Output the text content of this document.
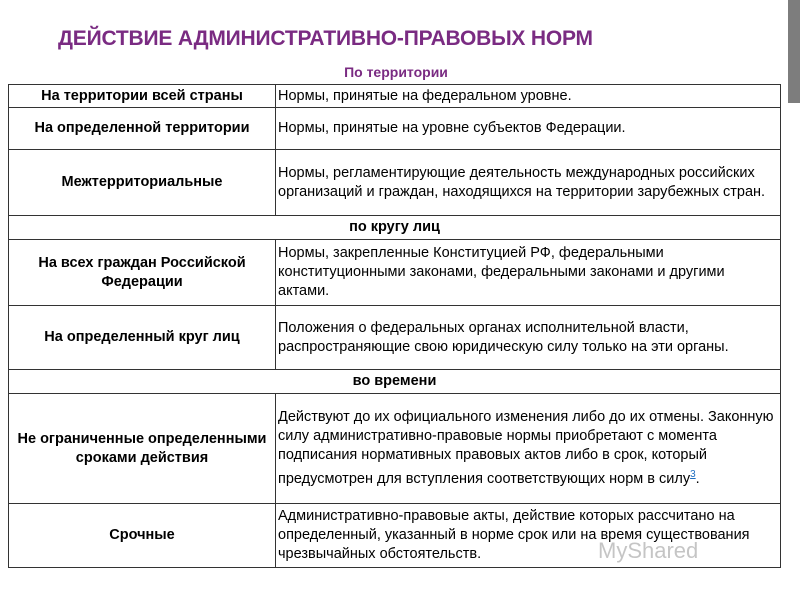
ДЕЙСТВИЕ АДМИНИСТРАТИВНО-ПРАВОВЫХ НОРМ
По территории
На территории всей страны	Нормы, принятые на федеральном уровне.
На определенной территории	Нормы, принятые на уровне субъектов Федерации.
Межтерриториальные	Нормы, регламентирующие деятельность международных российских организаций и граждан, находящихся на территории зарубежных стран.
по кругу лиц	
На всех граждан Российской Федерации	Нормы, закрепленные Конституцией РФ, федеральными конституционными законами, федеральными законами и другими актами.
На определенный круг лиц	Положения о федеральных органах исполнительной власти, распространяющие свою юридическую силу только на эти органы.
во времени	
Не ограниченные определенными сроками действия	Действуют до их официального изменения либо до их отмены. Законную силу административно-правовые нормы приобретают с момента подписания нормативных правовых актов либо в срок, который предусмотрен для вступления соответствующих норм в силу$^3$.
Срочные	Административно-правовые акты, действие которых рассчитано на определенный, указанный в норме срок или на время существования чрезвычайных обстоятельств.	MyShared
